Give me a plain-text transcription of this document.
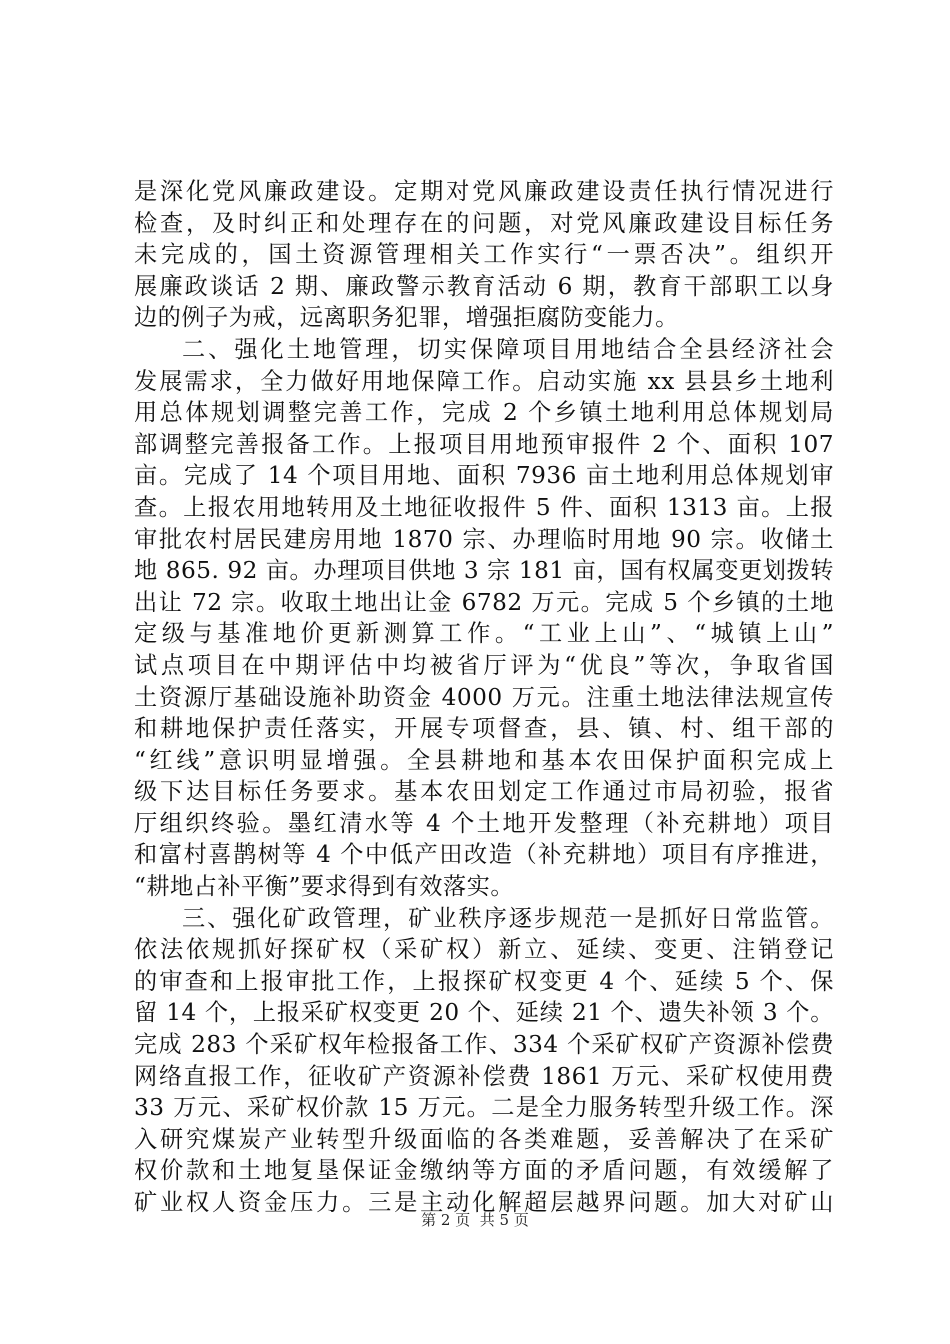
是深化党风廉政建设。定期对党风廉政建设责任执行情况进行
检查，及时纠正和处理存在的问题，对党风廉政建设目标任务
未完成的，国土资源管理相关工作实行“一票否决”。组织开
展廉政谈话 2 期、廉政警示教育活动 6 期，教育干部职工以身
边的例子为戒，远离职务犯罪，增强拒腐防变能力。
二、强化土地管理，切实保障项目用地结合全县经济社会
发展需求，全力做好用地保障工作。启动实施 xx 县县乡土地利
用总体规划调整完善工作，完成 2 个乡镇土地利用总体规划局
部调整完善报备工作。上报项目用地预审报件 2 个、面积 107
亩。完成了 14 个项目用地、面积 7936 亩土地利用总体规划审
查。上报农用地转用及土地征收报件 5 件、面积 1313 亩。上报
审批农村居民建房用地 1870 宗、办理临时用地 90 宗。收储土
地 865. 92 亩。办理项目供地 3 宗 181 亩，国有权属变更划拨转
出让 72 宗。收取土地出让金 6782 万元。完成 5 个乡镇的土地
定级与基准地价更新测算工作。“工业上山”、“城镇上山”
试点项目在中期评估中均被省厅评为“优良”等次，争取省国
土资源厅基础设施补助资金 4000 万元。注重土地法律法规宣传
和耕地保护责任落实，开展专项督查，县、镇、村、组干部的
“红线”意识明显增强。全县耕地和基本农田保护面积完成上
级下达目标任务要求。基本农田划定工作通过市局初验，报省
厅组织终验。墨红清水等 4 个土地开发整理（补充耕地）项目
和富村喜鹊树等 4 个中低产田改造（补充耕地）项目有序推进，
“耕地占补平衡”要求得到有效落实。
三、强化矿政管理，矿业秩序逐步规范一是抓好日常监管。
依法依规抓好探矿权（采矿权）新立、延续、变更、注销登记
的审查和上报审批工作，上报探矿权变更 4 个、延续 5 个、保
留 14 个，上报采矿权变更 20 个、延续 21 个、遗失补领 3 个。
完成 283 个采矿权年检报备工作、334 个采矿权矿产资源补偿费
网络直报工作，征收矿产资源补偿费 1861 万元、采矿权使用费
33 万元、采矿权价款 15 万元。二是全力服务转型升级工作。深
入研究煤炭产业转型升级面临的各类难题，妥善解决了在采矿
权价款和土地复垦保证金缴纳等方面的矛盾问题，有效缓解了
矿业权人资金压力。三是主动化解超层越界问题。加大对矿山
第 2 页 共 5 页
